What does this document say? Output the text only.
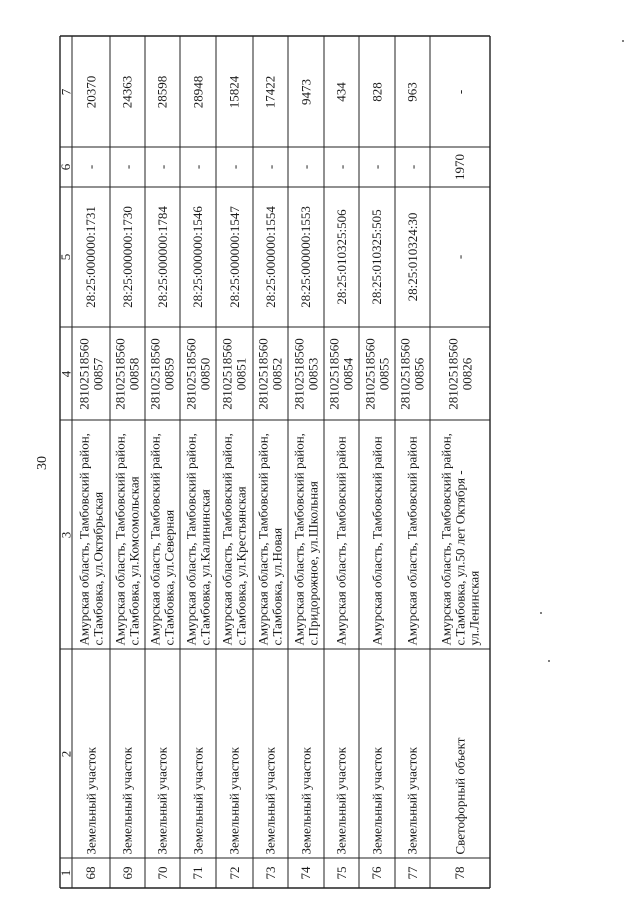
30
7
6
5
4
3
2
1
20370
-
28:25:000000:1731
28102518560 00857
Амурская область, Тамбовский район, с.Тамбовка, ул.Октябрьская
Земельный участок
68
24363
-
28:25:000000:1730
28102518560 00858
Амурская область, Тамбовский район, с.Тамбовка, ул.Комсомольская
Земельный участок
69
28598
-
28:25:000000:1784
28102518560 00859
Амурская область, Тамбовский район, с.Тамбовка, ул.Северная
Земельный участок
70
28948
-
28:25:000000:1546
28102518560 00850
Амурская область, Тамбовский район, с.Тамбовка, ул.Калининская
Земельный участок
71
15824
-
28:25:000000:1547
28102518560 00851
Амурская область, Тамбовский район, с.Тамбовка, ул.Крестьянская
Земельный участок
72
17422
-
28:25:000000:1554
28102518560 00852
Амурская область, Тамбовский район, с.Тамбовка, ул.Новая
Земельный участок
73
9473
-
28:25:000000:1553
28102518560 00853
Амурская область, Тамбовский район, с.Придорожное, ул.Школьная
Земельный участок
74
434
-
28:25:010325:506
28102518560 00854
Амурская область, Тамбовский район
Земельный участок
75
828
-
28:25:010325:505
28102518560 00855
Амурская область, Тамбовский район
Земельный участок
76
963
-
28:25:010324:30
28102518560 00856
Амурская область, Тамбовский район
Земельный участок
77
-
1970
-
28102518560 00826
Амурская область, Тамбовский район, с.Тамбовка, ул.50 лет Октября - ул.Ленинская
Светофорный объект
78
